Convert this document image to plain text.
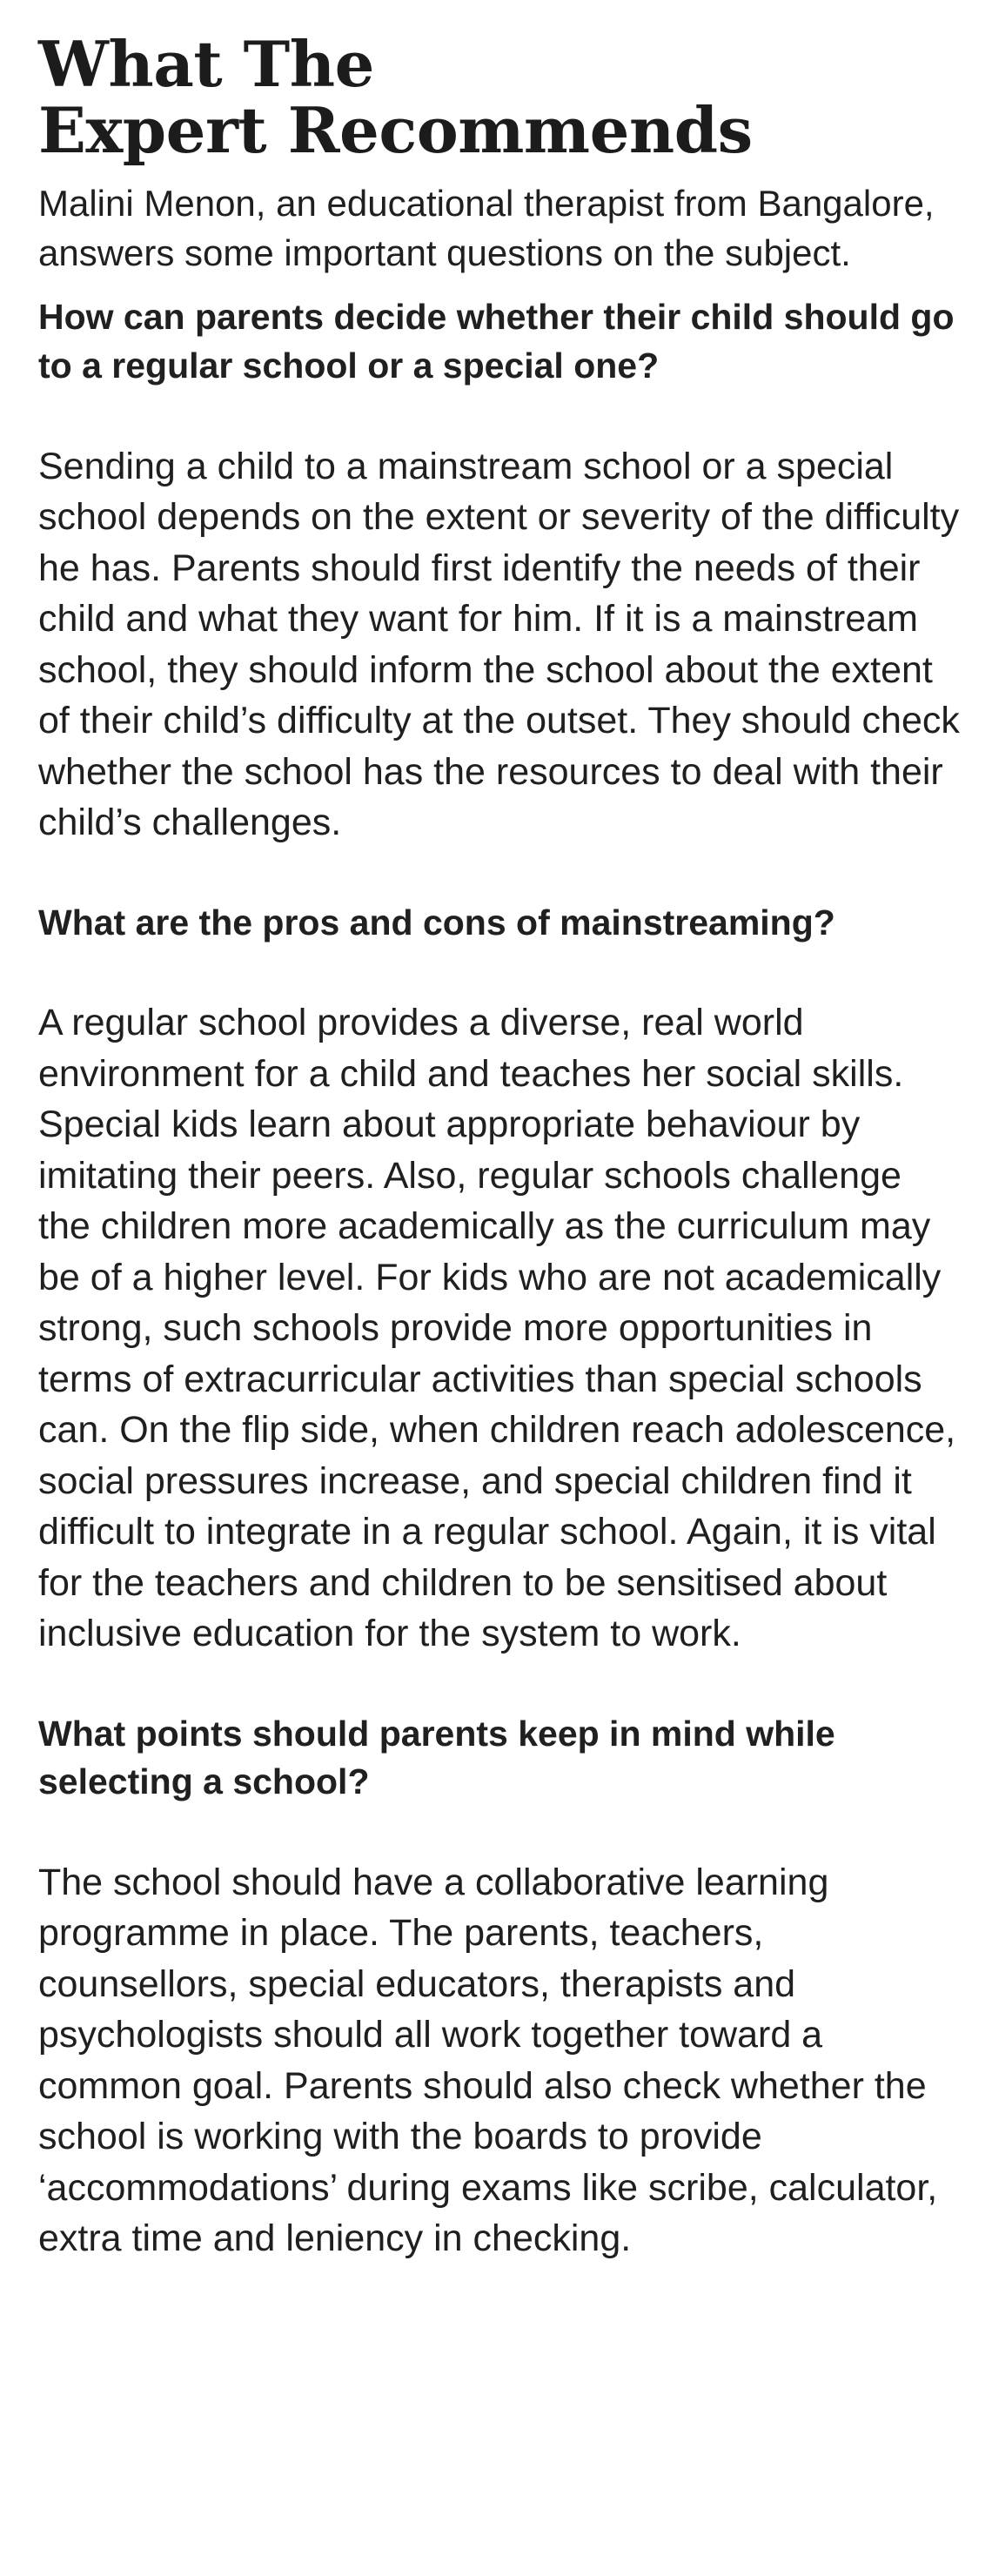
What The
Expert Recommends

Malini Menon, an educational therapist from Bangalore, answers some important questions on the subject.

How can parents decide whether their child should go to a regular school or a special one?

Sending a child to a mainstream school or a special school depends on the extent or severity of the difficulty he has. Parents should first identify the needs of their child and what they want for him. If it is a mainstream school, they should inform the school about the extent of their child’s difficulty at the outset. They should check whether the school has the resources to deal with their child’s challenges.

What are the pros and cons of mainstreaming?

A regular school provides a diverse, real world environment for a child and teaches her social skills. Special kids learn about appropriate behaviour by imitating their peers. Also, regular schools challenge the children more academically as the curriculum may be of a higher level. For kids who are not academically strong, such schools provide more opportunities in terms of extracurricular activities than special schools can. On the flip side, when children reach adolescence, social pressures increase, and special children find it difficult to integrate in a regular school. Again, it is vital for the teachers and children to be sensitised about inclusive education for the system to work.

What points should parents keep in mind while selecting a school?

The school should have a collaborative learning programme in place. The parents, teachers, counsellors, special educators, therapists and psychologists should all work together toward a common goal. Parents should also check whether the school is working with the boards to provide ‘accommodations’ during exams like scribe, calculator, extra time and leniency in checking.
